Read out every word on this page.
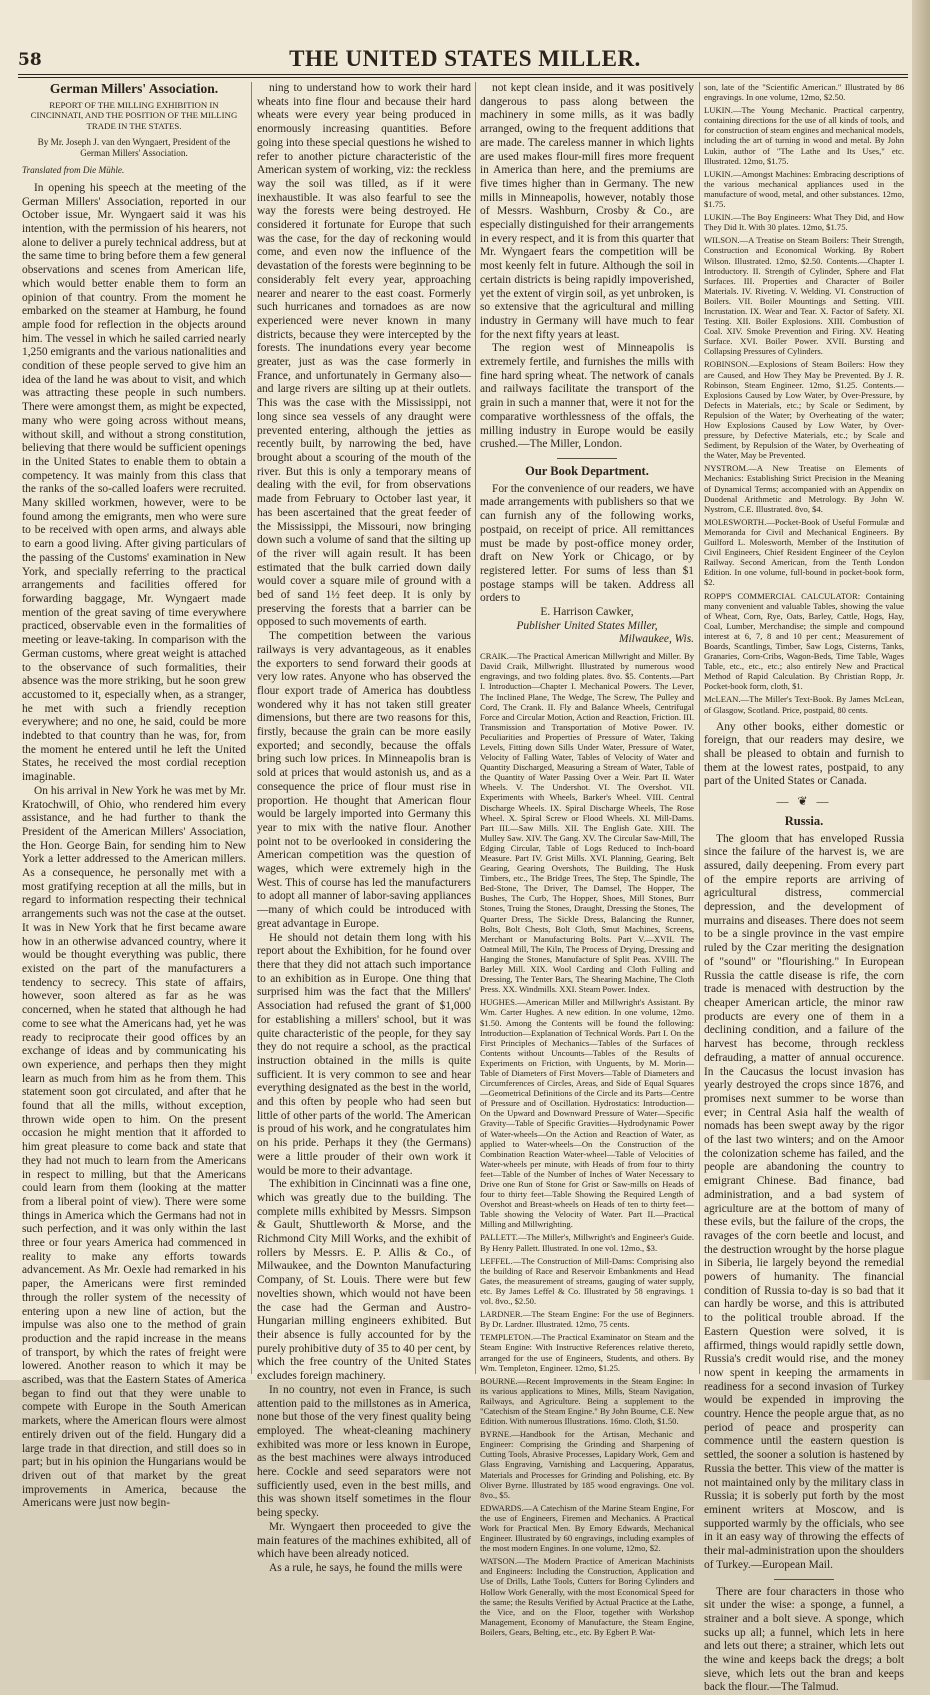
58	THE UNITED STATES MILLER.
German Millers' Association.
REPORT OF THE MILLING EXHIBITION IN CINCINNATI, AND THE POSITION OF THE MILLING TRADE IN THE STATES.
By Mr. Joseph J. van den Wyngaert, President of the German Millers' Association.
Translated from Die Mühle.

In opening his speech at the meeting of the German Millers' Association, reported in our October issue, Mr. Wyngaert said it was his intention, with the permission of his hearers, not alone to deliver a purely technical address, but at the same time to bring before them a few general observations and scenes from American life, which would better enable them to form an opinion of that country. From the moment he embarked on the steamer at Hamburg, he found ample food for reflection in the objects around him. The vessel in which he sailed carried nearly 1,250 emigrants and the various nationalities and condition of these people served to give him an idea of the land he was about to visit, and which was attracting these people in such numbers. There were amongst them, as might be expected, many who were going across without means, without skill, and without a strong constitution, believing that there would be sufficient openings in the United States to enable them to obtain a competency. It was mainly from this class that the ranks of the so-called loafers were recruited. Many skilled workmen, however, were to be found among the emigrants, men who were sure to be received with open arms, and always able to earn a good living. After giving particulars of the passing of the Customs' examination in New York, and specially referring to the practical arrangements and facilities offered for forwarding baggage, Mr. Wyngaert made mention of the great saving of time everywhere practiced, observable even in the formalities of meeting or leave-taking. In comparison with the German customs, where great weight is attached to the observance of such formalities, their absence was the more striking, but he soon grew accustomed to it, especially when, as a stranger, he met with such a friendly reception everywhere; and no one, he said, could be more indebted to that country than he was, for, from the moment he entered until he left the United States, he received the most cordial reception imaginable.

On his arrival in New York he was met by Mr. Kratochwill, of Ohio, who rendered him every assistance, and he had further to thank the President of the American Millers' Association, the Hon. George Bain, for sending him to New York a letter addressed to the American millers. As a consequence, he personally met with a most gratifying reception at all the mills, but in regard to information respecting their technical arrangements such was not the case at the outset. It was in New York that he first became aware how in an otherwise advanced country, where it would be thought everything was public, there existed on the part of the manufacturers a tendency to secrecy. This state of affairs, however, soon altered as far as he was concerned, when he stated that although he had come to see what the Americans had, yet he was ready to reciprocate their good offices by an exchange of ideas and by communicating his own experience, and perhaps then they might learn as much from him as he from them. This statement soon got circulated, and after that he found that all the mills, without exception, thrown wide open to him. On the present occasion he might mention that it afforded to him great pleasure to come back and state that they had not much to learn from the Americans in respect to milling, but that the Americans could learn from them (looking at the matter from a liberal point of view). There were some things in America which the Germans had not in such perfection, and it was only within the last three or four years America had commenced in reality to make any efforts towards advancement. As Mr. Oexle had remarked in his paper, the Americans were first reminded through the roller system of the necessity of entering upon a new line of action, but the impulse was also one to the method of grain production and the rapid increase in the means of transport, by which the rates of freight were lowered. Another reason to which it may be ascribed, was that the Eastern States of America began to find out that they were unable to compete with Europe in the South American markets, where the American flours were almost entirely driven out of the field. Hungary did a large trade in that direction, and still does so in part; but in his opinion the Hungarians would be driven out of that market by the great improvements in America, because the Americans were just now begin-

ning to understand how to work their hard wheats into fine flour and because their hard wheats were every year being produced in enormously increasing quantities. Before going into these special questions he wished to refer to another picture characteristic of the American system of working, viz: the reckless way the soil was tilled, as if it were inexhaustible. It was also fearful to see the way the forests were being destroyed. He considered it fortunate for Europe that such was the case, for the day of reckoning would come, and even now the influence of the devastation of the forests were beginning to be considerably felt every year, approaching nearer and nearer to the east coast. Formerly such hurricanes and tornadoes as are now experienced were never known in many districts, because they were intercepted by the forests. The inundations every year become greater, just as was the case formerly in France, and unfortunately in Germany also—and large rivers are silting up at their outlets. This was the case with the Mississippi, not long since sea vessels of any draught were prevented entering, although the jetties as recently built, by narrowing the bed, have brought about a scouring of the mouth of the river. But this is only a temporary means of dealing with the evil, for from observations made from February to October last year, it has been ascertained that the great feeder of the Mississippi, the Missouri, now bringing down such a volume of sand that the silting up of the river will again result. It has been estimated that the bulk carried down daily would cover a square mile of ground with a bed of sand 1½ feet deep. It is only by preserving the forests that a barrier can be opposed to such movements of earth.

The competition between the various railways is very advantageous, as it enables the exporters to send forward their goods at very low rates. Anyone who has observed the flour export trade of America has doubtless wondered why it has not taken still greater dimensions, but there are two reasons for this, firstly, because the grain can be more easily exported; and secondly, because the offals bring such low prices. In Minneapolis bran is sold at prices that would astonish us, and as a consequence the price of flour must rise in proportion. He thought that American flour would be largely imported into Germany this year to mix with the native flour. Another point not to be overlooked in considering the American competition was the question of wages, which were extremely high in the West. This of course has led the manufacturers to adopt all manner of labor-saving appliances—many of which could be introduced with great advantage in Europe.

He should not detain them long with his report about the Exhibition, for he found over there that they did not attach such importance to an exhibition as in Europe. One thing that surprised him was the fact that the Millers' Association had refused the grant of $1,000 for establishing a millers' school, but it was quite characteristic of the people, for they say they do not require a school, as the practical instruction obtained in the mills is quite sufficient. It is very common to see and hear everything designated as the best in the world, and this often by people who had seen but little of other parts of the world. The American is proud of his work, and he congratulates him on his pride. Perhaps it they (the Germans) were a little prouder of their own work it would be more to their advantage.

The exhibition in Cincinnati was a fine one, which was greatly due to the building. The complete mills exhibited by Messrs. Simpson & Gault, Shuttleworth & Morse, and the Richmond City Mill Works, and the exhibit of rollers by Messrs. E. P. Allis & Co., of Milwaukee, and the Downton Manufacturing Company, of St. Louis. There were but few novelties shown, which would not have been the case had the German and Austro-Hungarian milling engineers exhibited. But their absence is fully accounted for by the purely prohibitive duty of 35 to 40 per cent, by which the free country of the United States excludes foreign machinery.

In no country, not even in France, is such attention paid to the millstones as in America, none but those of the very finest quality being employed. The wheat-cleaning machinery exhibited was more or less known in Europe, as the best machines were always introduced here. Cockle and seed separators were not sufficiently used, even in the best mills, and this was shown itself sometimes in the flour being specky.

Mr. Wyngaert then proceeded to give the main features of the machines exhibited, all of which have been already noticed.

As a rule, he says, he found the mills were

not kept clean inside, and it was positively dangerous to pass along between the machinery in some mills, as it was badly arranged, owing to the frequent additions that are made. The careless manner in which lights are used makes flour-mill fires more frequent in America than here, and the premiums are five times higher than in Germany. The new mills in Minneapolis, however, notably those of Messrs. Washburn, Crosby & Co., are especially distinguished for their arrangements in every respect, and it is from this quarter that Mr. Wyngaert fears the competition will be most keenly felt in future. Although the soil in certain districts is being rapidly impoverished, yet the extent of virgin soil, as yet unbroken, is so extensive that the agricultural and milling industry in Germany will have much to fear for the next fifty years at least.

The region west of Minneapolis is extremely fertile, and furnishes the mills with fine hard spring wheat. The network of canals and railways facilitate the transport of the grain in such a manner that, were it not for the comparative worthlessness of the offals, the milling industry in Europe would be easily crushed.—The Miller, London.

Our Book Department.

For the convenience of our readers, we have made arrangements with publishers so that we can furnish any of the following works, postpaid, on receipt of price. All remittances must be made by post-office money order, draft on New York or Chicago, or by registered letter. For sums of less than $1 postage stamps will be taken. Address all orders to

E. Harrison Cawker,

Publisher United States Miller,

Milwaukee, Wis.

CRAIK.—The Practical American Millwright and Miller. By David Craik, Millwright. Illustrated by numerous wood engravings, and two folding plates. 8vo. $5. Contents.—Part I. Introduction—Chapter I. Mechanical Powers. The Lever, The Inclined Plane, The Wedge, The Screw, The Pulley and Cord, The Crank. II. Fly and Balance Wheels, Centrifugal Force and Circular Motion, Action and Reaction, Friction. III. Transmission and Transportation of Motive Power. IV. Peculiarities and Properties of Pressure of Water, Taking Levels, Fitting down Sills Under Water, Pressure of Water, Velocity of Falling Water, Tables of Velocity of Water and Quantity Discharged, Measuring a Stream of Water, Table of the Quantity of Water Passing Over a Weir. Part II. Water Wheels. V. The Undershot. VI. The Overshot. VII. Experiments with Wheels, Barker's Wheel. VIII. Central Discharge Wheels. IX. Spiral Discharge Wheels, The Rose Wheel. X. Spiral Screw or Flood Wheels. XI. Mill-Dams. Part III.—Saw Mills. XII. The English Gate. XIII. The Mulley Saw. XIV. The Gang. XV. The Circular Saw-Mill, The Edging Circular, Table of Logs Reduced to Inch-board Measure. Part IV. Grist Mills. XVI. Planning, Gearing, Belt Gearing, Gearing Overshots, The Building, The Husk Timbers, etc., The Bridge Trees, The Step, The Spindle, The Bed-Stone, The Driver, The Damsel, The Hopper, The Bushes, The Curb, The Hopper, Shoes, Mill Stones, Burr Stones, Truing the Stones, Draught, Dressing the Stones, The Quarter Dress, The Sickle Dress, Balancing the Runner, Bolts, Bolt Chests, Bolt Cloth, Smut Machines, Screens, Merchant or Manufacturing Bolts. Part V.—XVII. The Oatmeal Mill, The Kiln, The Process of Drying, Dressing and Hanging the Stones, Manufacture of Split Peas. XVIII. The Barley Mill. XIX. Wool Carding and Cloth Fulling and Dressing, The Tenter Bars, The Shearing Machine, The Cloth Press. XX. Windmills. XXI. Steam Power. Index.

HUGHES.—American Miller and Millwright's Assistant. By Wm. Carter Hughes. A new edition. In one volume, 12mo. $1.50. Among the Contents will be found the following: Introduction—Explanation of Technical Words. Part I. On the First Principles of Mechanics—Tables of the Surfaces of Contents without Uncounts—Tables of the Results of Experiments on Friction, with Unguents, by M. Morin—Table of Diameters of First Movers—Table of Diameters and Circumferences of Circles, Areas, and Side of Equal Squares—Geometrical Definitions of the Circle and its Parts—Centre of Pressure and of Oscillation. Hydrostatics: Introduction—On the Upward and Downward Pressure of Water—Specific Gravity—Table of Specific Gravities—Hydrodynamic Power of Water-wheels—On the Action and Reaction of Water, as applied to Water-wheels—On the Construction of the Combination Reaction Water-wheel—Table of Velocities of Water-wheels per minute, with Heads of from four to thirty feet—Table of the Number of Inches of Water Necessary to Drive one Run of Stone for Grist or Saw-mills on Heads of four to thirty feet—Table Showing the Required Length of Overshot and Breast-wheels on Heads of ten to thirty feet—Table showing the Velocity of Water. Part II.—Practical Milling and Millwrighting.

PALLETT.—The Miller's, Millwright's and Engineer's Guide. By Henry Pallett. Illustrated. In one vol. 12mo., $3.

LEFFEL.—The Construction of Mill-Dams: Comprising also the building of Race and Reservoir Embankments and Head Gates, the measurement of streams, gauging of water supply, etc. By James Leffel & Co. Illustrated by 58 engravings. 1 vol. 8vo., $2.50.

LARDNER.—The Steam Engine: For the use of Beginners. By Dr. Lardner. Illustrated. 12mo, 75 cents.

TEMPLETON.—The Practical Examinator on Steam and the Steam Engine: With Instructive References relative thereto, arranged for the use of Engineers, Students, and others. By Wm. Templeton, Engineer. 12mo, $1.25.

BOURNE.—Recent Improvements in the Steam Engine: In its various applications to Mines, Mills, Steam Navigation, Railways, and Agriculture. Being a supplement to the "Catechism of the Steam Engine." By John Bourne, C.E. New Edition. With numerous Illustrations. 16mo. Cloth, $1.50.

BYRNE.—Handbook for the Artisan, Mechanic and Engineer: Comprising the Grinding and Sharpening of Cutting Tools, Abrasive Processes, Lapidary Work, Gem and Glass Engraving, Varnishing and Lacquering, Apparatus, Materials and Processes for Grinding and Polishing, etc. By Oliver Byrne. Illustrated by 185 wood engravings. One vol. 8vo., $5.

EDWARDS.—A Catechism of the Marine Steam Engine, For the use of Engineers, Firemen and Mechanics. A Practical Work for Practical Men. By Emory Edwards, Mechanical Engineer. Illustrated by 60 engravings, including examples of the most modern Engines. In one volume, 12mo, $2.

WATSON.—The Modern Practice of American Machinists and Engineers: Including the Construction, Application and Use of Drills, Lathe Tools, Cutters for Boring Cylinders and Hollow Work Generally, with the most Economical Speed for the same; the Results Verified by Actual Practice at the Lathe, the Vice, and on the Floor, together with Workshop Management, Economy of Manufacture, the Steam Engine, Boilers, Gears, Belting, etc., etc. By Egbert P. Wat-

son, late of the "Scientific American." Illustrated by 86 engravings. In one volume, 12mo, $2.50.

LUKIN.—The Young Mechanic. Practical carpentry, containing directions for the use of all kinds of tools, and for construction of steam engines and mechanical models, including the art of turning in wood and metal. By John Lukin, author of "The Lathe and Its Uses," etc. Illustrated. 12mo, $1.75.

LUKIN.—Amongst Machines: Embracing descriptions of the various mechanical appliances used in the manufacture of wood, metal, and other substances. 12mo, $1.75.

LUKIN.—The Boy Engineers: What They Did, and How They Did It. With 30 plates. 12mo, $1.75.

WILSON.—A Treatise on Steam Boilers: Their Strength, Construction and Economical Working. By Robert Wilson. Illustrated. 12mo, $2.50. Contents.—Chapter I. Introductory. II. Strength of Cylinder, Sphere and Flat Surfaces. III. Properties and Character of Boiler Materials. IV. Riveting. V. Welding. VI. Construction of Boilers. VII. Boiler Mountings and Setting. VIII. Incrustation. IX. Wear and Tear. X. Factor of Safety. XI. Testing. XII. Boiler Explosions. XIII. Combustion of Coal. XIV. Smoke Prevention and Firing. XV. Heating Surface. XVI. Boiler Power. XVII. Bursting and Collapsing Pressures of Cylinders.

ROBINSON.—Explosions of Steam Boilers: How they are Caused, and How They May be Prevented. By J. R. Robinson, Steam Engineer. 12mo, $1.25. Contents.—Explosions Caused by Low Water, by Over-Pressure, by Defects in Materials, etc.; by Scale or Sediment, by Repulsion of the Water; by Overheating of the water; How Explosions Caused by Low Water, by Over-pressure, by Defective Materials, etc.; by Scale and Sediment, by Repulsion of the Water, by Overheating of the Water, May be Prevented.

NYSTROM.—A New Treatise on Elements of Mechanics: Establishing Strict Precision in the Meaning of Dynamical Terms; accompanied with an Appendix on Duodenal Arithmetic and Metrology. By John W. Nystrom, C.E. Illustrated. 8vo, $4.

MOLESWORTH.—Pocket-Book of Useful Formulæ and Memoranda for Civil and Mechanical Engineers. By Guilford L. Molesworth, Member of the Institution of Civil Engineers, Chief Resident Engineer of the Ceylon Railway. Second American, from the Tenth London Edition. In one volume, full-bound in pocket-book form, $2.

ROPP'S COMMERCIAL CALCULATOR: Containing many convenient and valuable Tables, showing the value of Wheat, Corn, Rye, Oats, Barley, Cattle, Hogs, Hay, Coal, Lumber, Merchandise; the simple and compound interest at 6, 7, 8 and 10 per cent.; Measurement of Boards, Scantlings, Timber, Saw Logs, Cisterns, Tanks, Granaries, Corn-Cribs, Wagon-Beds, Time Table, Wages Table, etc., etc., etc.; also entirely New and Practical Method of Rapid Calculation. By Christian Ropp, Jr. Pocket-book form, cloth, $1.

McLEAN.—The Miller's Text-Book. By James McLean, of Glasgow, Scotland. Price, postpaid, 80 cents.

Any other books, either domestic or foreign, that our readers may desire, we shall be pleased to obtain and furnish to them at the lowest rates, postpaid, to any part of the United States or Canada.

— ❦ —
Russia.

The gloom that has enveloped Russia since the failure of the harvest is, we are assured, daily deepening. From every part of the empire reports are arriving of agricultural distress, commercial depression, and the development of murrains and diseases. There does not seem to be a single province in the vast empire ruled by the Czar meriting the designation of "sound" or "flourishing." In European Russia the cattle disease is rife, the corn trade is menaced with destruction by the cheaper American article, the minor raw products are every one of them in a declining condition, and a failure of the harvest has become, through reckless defrauding, a matter of annual occurence. In the Caucasus the locust invasion has yearly destroyed the crops since 1876, and promises next summer to be worse than ever; in Central Asia half the wealth of nomads has been swept away by the rigor of the last two winters; and on the Amoor the colonization scheme has failed, and the people are abandoning the country to emigrant Chinese. Bad finance, bad administration, and a bad system of agriculture are at the bottom of many of these evils, but the failure of the crops, the ravages of the corn beetle and locust, and the destruction wrought by the horse plague in Siberia, lie largely beyond the remedial powers of humanity. The financial condition of Russia to-day is so bad that it can hardly be worse, and this is attributed to the political trouble abroad. If the Eastern Question were solved, it is affirmed, things would rapidly settle down, Russia's credit would rise, and the money now spent in keeping the armaments in readiness for a second invasion of Turkey would be expended in improving the country. Hence the people argue that, as no period of peace and prosperity can commence until the eastern question is settled, the sooner a solution is hastened by Russia the better. This view of the matter is not maintained only by the military class in Russia; it is soberly put forth by the most eminent writers at Moscow, and is supported warmly by the officials, who see in it an easy way of throwing the effects of their mal-administration upon the shoulders of Turkey.—European Mail.

There are four characters in those who sit under the wise: a sponge, a funnel, a strainer and a bolt sieve. A sponge, which sucks up all; a funnel, which lets in here and lets out there; a strainer, which lets out the wine and keeps back the dregs; a bolt sieve, which lets out the bran and keeps back the flour.—The Talmud.
